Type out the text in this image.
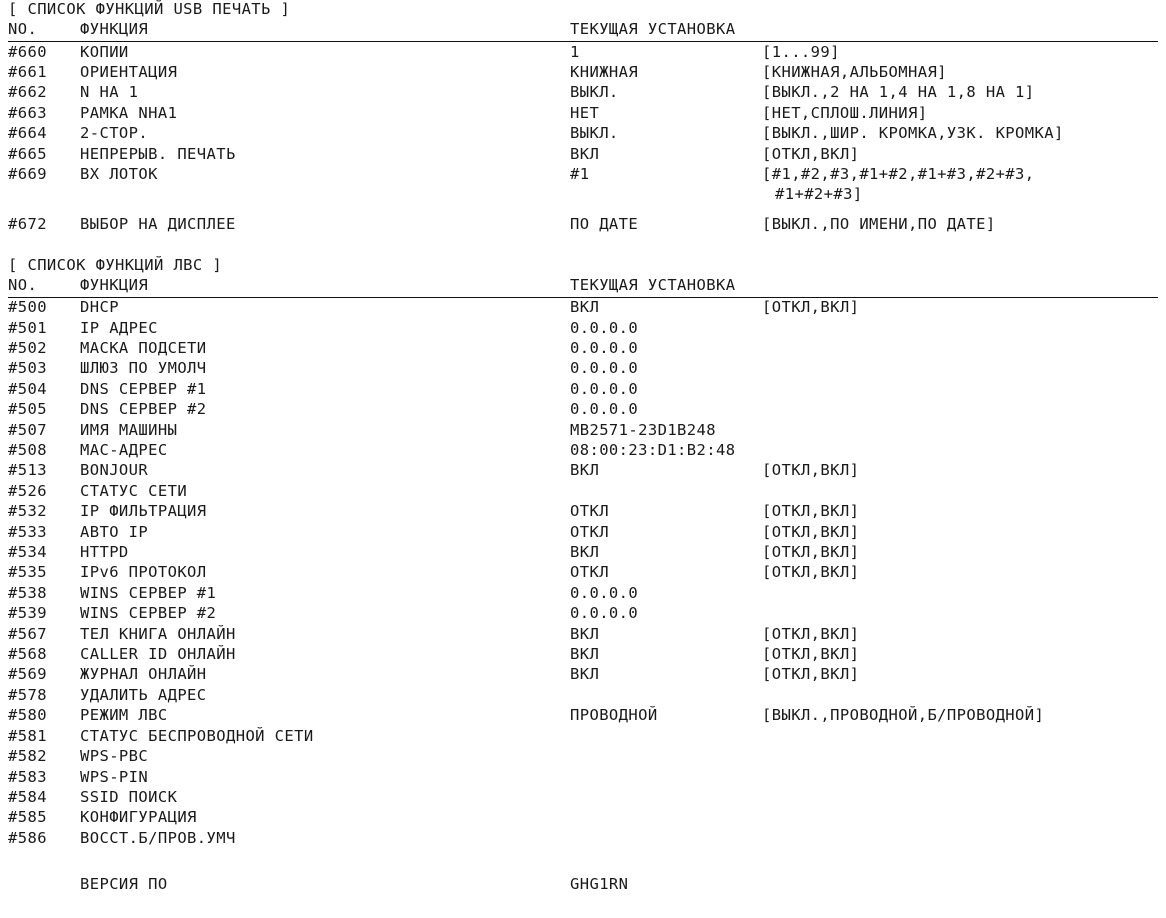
[ СПИСОК ФУНКЦИЙ USB ПЕЧАТЬ ]
NO.	ФУНКЦИЯ	ТЕКУЩАЯ УСТАНОВКА	
#660	КОПИИ	1	[1...99]
#661	ОРИЕНТАЦИЯ	КНИЖНАЯ	[КНИЖНАЯ,АЛЬБОМНАЯ]
#662	N НА 1	ВЫКЛ.	[ВЫКЛ.,2 НА 1,4 НА 1,8 НА 1]
#663	РАМКА NHA1	НЕТ	[НЕТ,СПЛОШ.ЛИНИЯ]
#664	2-СТОР.	ВЫКЛ.	[ВЫКЛ.,ШИР. КРОМКА,УЗК. КРОМКА]
#665	НЕПРЕРЫВ. ПЕЧАТЬ	ВКЛ	[ОТКЛ,ВКЛ]
#669	ВХ ЛОТОК	#1	[#1,#2,#3,#1+#2,#1+#3,#2+#3,
			#1+#2+#3]

#672	ВЫБОР НА ДИСПЛЕЕ	ПО ДАТЕ	[ВЫКЛ.,ПО ИМЕНИ,ПО ДАТЕ]
[ СПИСОК ФУНКЦИЙ ЛВС ]
NO.	ФУНКЦИЯ	ТЕКУЩАЯ УСТАНОВКА	
#500	DHCP	ВКЛ	[ОТКЛ,ВКЛ]
#501	IP АДРЕС	0.0.0.0	
#502	МАСКА ПОДСЕТИ	0.0.0.0	
#503	ШЛЮЗ ПО УМОЛЧ	0.0.0.0	
#504	DNS СЕРВЕР #1	0.0.0.0	
#505	DNS СЕРВЕР #2	0.0.0.0	
#507	ИМЯ МАШИНЫ	MB2571-23D1B248	
#508	MAC-АДРЕС	08:00:23:D1:B2:48	
#513	BONJOUR	ВКЛ	[ОТКЛ,ВКЛ]
#526	СТАТУС СЕТИ		
#532	IP ФИЛЬТРАЦИЯ	ОТКЛ	[ОТКЛ,ВКЛ]
#533	АВТО IP	ОТКЛ	[ОТКЛ,ВКЛ]
#534	HTTPD	ВКЛ	[ОТКЛ,ВКЛ]
#535	IPv6 ПРОТОКОЛ	ОТКЛ	[ОТКЛ,ВКЛ]
#538	WINS СЕРВЕР #1	0.0.0.0	
#539	WINS СЕРВЕР #2	0.0.0.0	
#567	ТЕЛ КНИГА ОНЛАЙН	ВКЛ	[ОТКЛ,ВКЛ]
#568	CALLER ID ОНЛАЙН	ВКЛ	[ОТКЛ,ВКЛ]
#569	ЖУРНАЛ ОНЛАЙН	ВКЛ	[ОТКЛ,ВКЛ]
#578	УДАЛИТЬ АДРЕС		
#580	РЕЖИМ ЛВС	ПРОВОДНОЙ	[ВЫКЛ.,ПРОВОДНОЙ,Б/ПРОВОДНОЙ]
#581	СТАТУС БЕСПРОВОДНОЙ СЕТИ		
#582	WPS-PBC		
#583	WPS-PIN		
#584	SSID ПОИСК		
#585	КОНФИГУРАЦИЯ		
#586	ВОССТ.Б/ПРОВ.УМЧ		

	ВЕРСИЯ ПО	GHG1RN	
